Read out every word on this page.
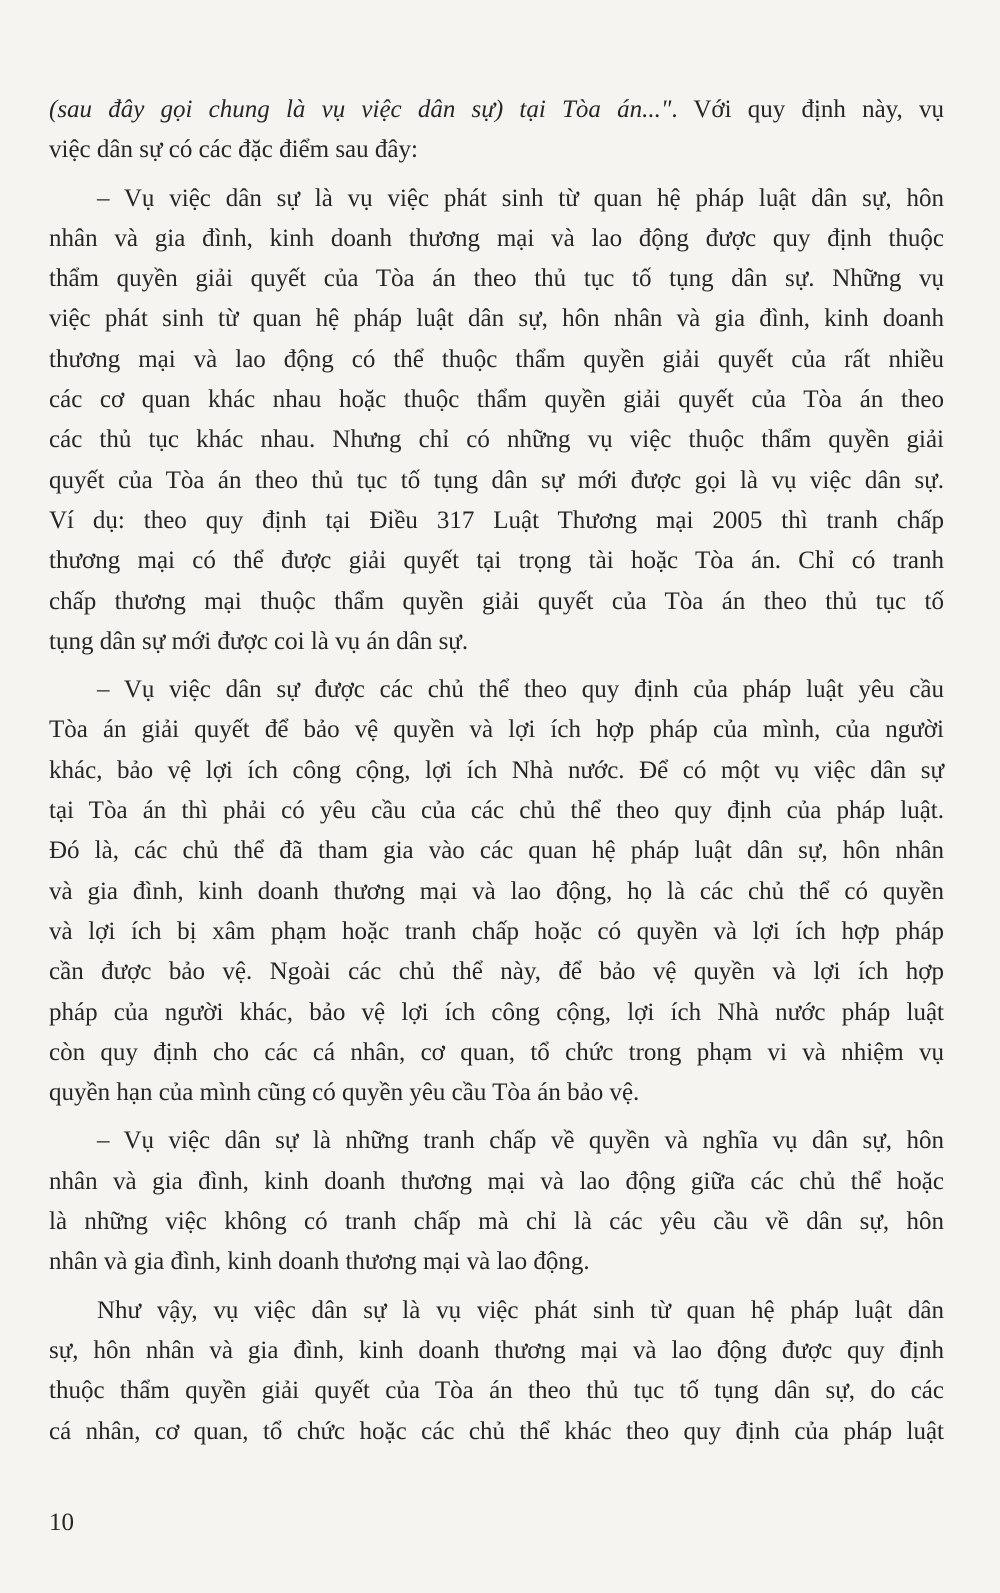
(sau đây gọi chung là vụ việc dân sự) tại Tòa án...". Với quy định này, vụ
việc dân sự có các đặc điểm sau đây:
– Vụ việc dân sự là vụ việc phát sinh từ quan hệ pháp luật dân sự, hôn
nhân và gia đình, kinh doanh thương mại và lao động được quy định thuộc
thẩm quyền giải quyết của Tòa án theo thủ tục tố tụng dân sự. Những vụ
việc phát sinh từ quan hệ pháp luật dân sự, hôn nhân và gia đình, kinh doanh
thương mại và lao động có thể thuộc thẩm quyền giải quyết của rất nhiều
các cơ quan khác nhau hoặc thuộc thẩm quyền giải quyết của Tòa án theo
các thủ tục khác nhau. Nhưng chỉ có những vụ việc thuộc thẩm quyền giải
quyết của Tòa án theo thủ tục tố tụng dân sự mới được gọi là vụ việc dân sự.
Ví dụ: theo quy định tại Điều 317 Luật Thương mại 2005 thì tranh chấp
thương mại có thể được giải quyết tại trọng tài hoặc Tòa án. Chỉ có tranh
chấp thương mại thuộc thẩm quyền giải quyết của Tòa án theo thủ tục tố
tụng dân sự mới được coi là vụ án dân sự.
– Vụ việc dân sự được các chủ thể theo quy định của pháp luật yêu cầu
Tòa án giải quyết để bảo vệ quyền và lợi ích hợp pháp của mình, của người
khác, bảo vệ lợi ích công cộng, lợi ích Nhà nước. Để có một vụ việc dân sự
tại Tòa án thì phải có yêu cầu của các chủ thể theo quy định của pháp luật.
Đó là, các chủ thể đã tham gia vào các quan hệ pháp luật dân sự, hôn nhân
và gia đình, kinh doanh thương mại và lao động, họ là các chủ thể có quyền
và lợi ích bị xâm phạm hoặc tranh chấp hoặc có quyền và lợi ích hợp pháp
cần được bảo vệ. Ngoài các chủ thể này, để bảo vệ quyền và lợi ích hợp
pháp của người khác, bảo vệ lợi ích công cộng, lợi ích Nhà nước pháp luật
còn quy định cho các cá nhân, cơ quan, tổ chức trong phạm vi và nhiệm vụ
quyền hạn của mình cũng có quyền yêu cầu Tòa án bảo vệ.
– Vụ việc dân sự là những tranh chấp về quyền và nghĩa vụ dân sự, hôn
nhân và gia đình, kinh doanh thương mại và lao động giữa các chủ thể hoặc
là những việc không có tranh chấp mà chỉ là các yêu cầu về dân sự, hôn
nhân và gia đình, kinh doanh thương mại và lao động.
Như vậy, vụ việc dân sự là vụ việc phát sinh từ quan hệ pháp luật dân
sự, hôn nhân và gia đình, kinh doanh thương mại và lao động được quy định
thuộc thẩm quyền giải quyết của Tòa án theo thủ tục tố tụng dân sự, do các
cá nhân, cơ quan, tổ chức hoặc các chủ thể khác theo quy định của pháp luật
10
